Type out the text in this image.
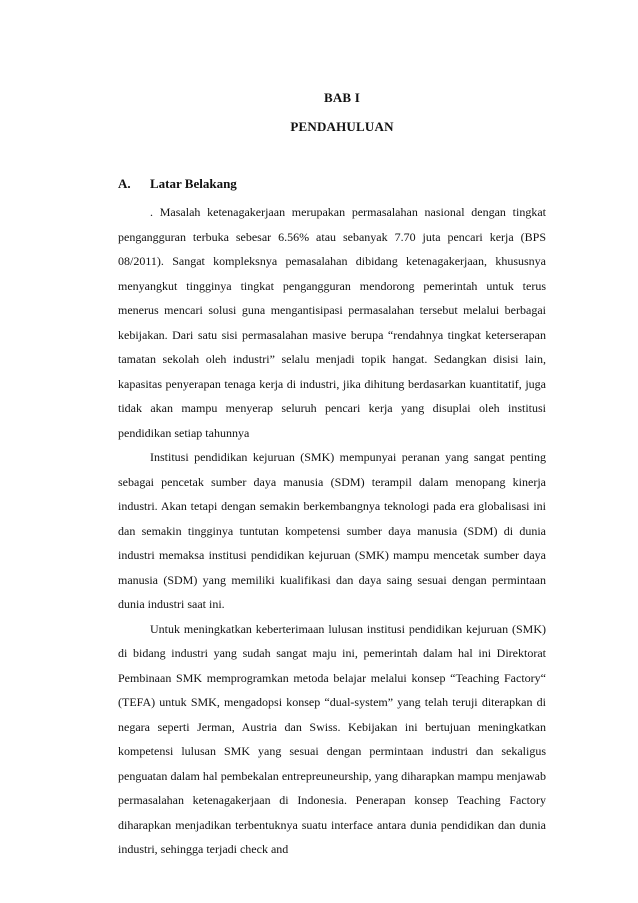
BAB I
PENDAHULUAN
A. Latar Belakang

. Masalah ketenagakerjaan merupakan permasalahan nasional dengan tingkat pengangguran terbuka sebesar 6.56% atau sebanyak 7.70 juta pencari kerja (BPS 08/2011). Sangat kompleksnya pemasalahan dibidang ketenagakerjaan, khususnya menyangkut tingginya tingkat pengangguran mendorong pemerintah untuk terus menerus mencari solusi guna mengantisipasi permasalahan tersebut melalui berbagai kebijakan. Dari satu sisi permasalahan masive berupa “rendahnya tingkat keterserapan tamatan sekolah oleh industri” selalu menjadi topik hangat. Sedangkan disisi lain, kapasitas penyerapan tenaga kerja di industri, jika dihitung berdasarkan kuantitatif, juga tidak akan mampu menyerap seluruh pencari kerja yang disuplai oleh institusi pendidikan setiap tahunnya

Institusi pendidikan kejuruan (SMK) mempunyai peranan yang sangat penting sebagai pencetak sumber daya manusia (SDM) terampil dalam menopang kinerja industri. Akan tetapi dengan semakin berkembangnya teknologi pada era globalisasi ini dan semakin tingginya tuntutan kompetensi sumber daya manusia (SDM) di dunia industri memaksa institusi pendidikan kejuruan (SMK) mampu mencetak sumber daya manusia (SDM) yang memiliki kualifikasi dan daya saing sesuai dengan permintaan dunia industri saat ini.

Untuk meningkatkan keberterimaan lulusan institusi pendidikan kejuruan (SMK) di bidang industri yang sudah sangat maju ini, pemerintah dalam hal ini Direktorat Pembinaan SMK memprogramkan metoda belajar melalui konsep “Teaching Factory“ (TEFA) untuk SMK, mengadopsi konsep “dual-system” yang telah teruji diterapkan di negara seperti Jerman, Austria dan Swiss. Kebijakan ini bertujuan meningkatkan kompetensi lulusan SMK yang sesuai dengan permintaan industri dan sekaligus penguatan dalam hal pembekalan entrepreuneurship, yang diharapkan mampu menjawab permasalahan ketenagakerjaan di Indonesia. Penerapan konsep Teaching Factory diharapkan menjadikan terbentuknya suatu interface antara dunia pendidikan dan dunia industri, sehingga terjadi check and
